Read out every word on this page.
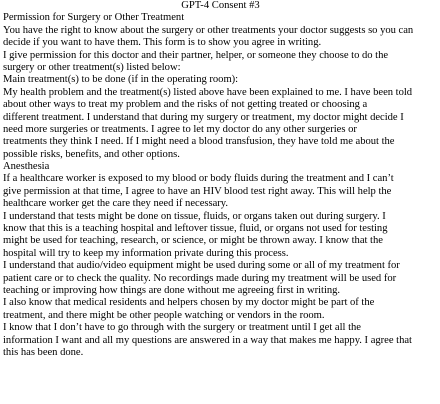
GPT-4 Consent #3
Permission for Surgery or Other Treatment
You have the right to know about the surgery or other treatments your doctor suggests so you can
decide if you want to have them. This form is to show you agree in writing.
I give permission for this doctor and their partner, helper, or someone they choose to do the
surgery or other treatment(s) listed below:
Main treatment(s) to be done (if in the operating room):
My health problem and the treatment(s) listed above have been explained to me. I have been told
about other ways to treat my problem and the risks of not getting treated or choosing a
different treatment. I understand that during my surgery or treatment, my doctor might decide I
need more surgeries or treatments. I agree to let my doctor do any other surgeries or
treatments they think I need. If I might need a blood transfusion, they have told me about the
possible risks, benefits, and other options.
Anesthesia
If a healthcare worker is exposed to my blood or body fluids during the treatment and I can’t
give permission at that time, I agree to have an HIV blood test right away. This will help the
healthcare worker get the care they need if necessary.
I understand that tests might be done on tissue, fluids, or organs taken out during surgery. I
know that this is a teaching hospital and leftover tissue, fluid, or organs not used for testing
might be used for teaching, research, or science, or might be thrown away. I know that the
hospital will try to keep my information private during this process.
I understand that audio/video equipment might be used during some or all of my treatment for
patient care or to check the quality. No recordings made during my treatment will be used for
teaching or improving how things are done without me agreeing first in writing.
I also know that medical residents and helpers chosen by my doctor might be part of the
treatment, and there might be other people watching or vendors in the room.
I know that I don’t have to go through with the surgery or treatment until I get all the
information I want and all my questions are answered in a way that makes me happy. I agree that
this has been done.
